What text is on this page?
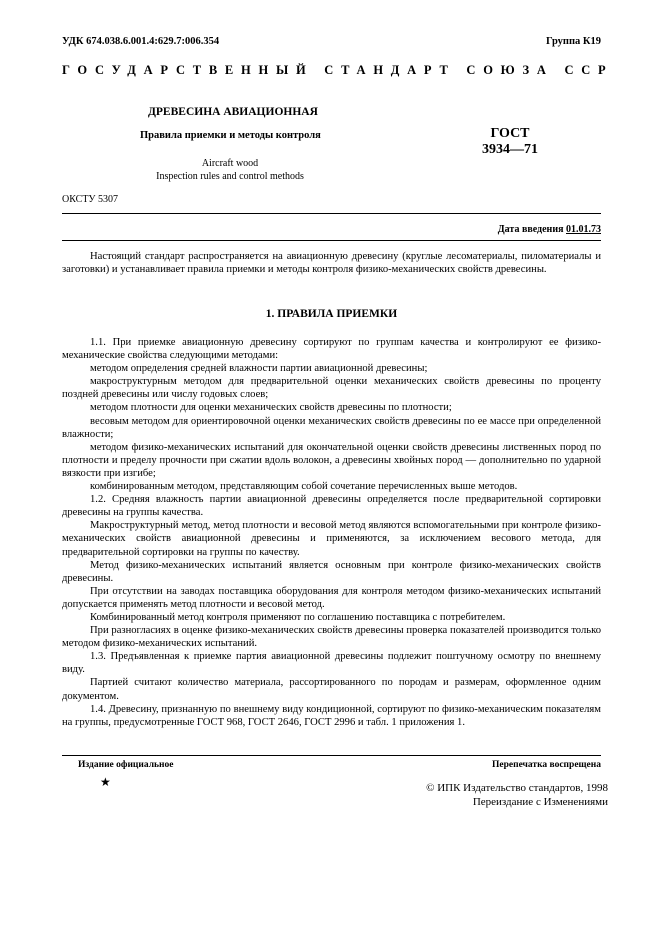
УДК 674.038.6.001.4:629.7:006.354	Группа К19
ГОСУДАРСТВЕННЫЙ СТАНДАРТ СОЮЗА ССР
ДРЕВЕСИНА АВИАЦИОННАЯ
Правила приемки и методы контроля	ГОСТ
3934—71
Aircraft wood
Inspection rules and control methods
ОКСТУ 5307
Дата введения 01.01.73

Настоящий стандарт распространяется на авиационную древесину (круглые лесоматериалы, пиломатериалы и заготовки) и устанавливает правила приемки и методы контроля физико-механических свойств древесины.

1. ПРАВИЛА ПРИЕМКИ

1.1. При приемке авиационную древесину сортируют по группам качества и контролируют ее физико-механические свойства следующими методами:

методом определения средней влажности партии авиационной древесины;

макроструктурным методом для предварительной оценки механических свойств древесины по проценту поздней древесины или числу годовых слоев;

методом плотности для оценки механических свойств древесины по плотности;

весовым методом для ориентировочной оценки механических свойств древесины по ее массе при определенной влажности;

методом физико-механических испытаний для окончательной оценки свойств древесины лиственных пород по плотности и пределу прочности при сжатии вдоль волокон, а древесины хвойных пород — дополнительно по ударной вязкости при изгибе;

комбинированным методом, представляющим собой сочетание перечисленных выше методов.

1.2. Средняя влажность партии авиационной древесины определяется после предварительной сортировки древесины на группы качества.

Макроструктурный метод, метод плотности и весовой метод являются вспомогательными при контроле физико-механических свойств авиационной древесины и применяются, за исключением весового метода, для предварительной сортировки на группы по качеству.

Метод физико-механических испытаний является основным при контроле физико-механических свойств древесины.

При отсутствии на заводах поставщика оборудования для контроля методом физико-механических испытаний допускается применять метод плотности и весовой метод.

Комбинированный метод контроля применяют по соглашению поставщика с потребителем.

При разногласиях в оценке физико-механических свойств древесины проверка показателей производится только методом физико-механических испытаний.

1.3. Предъявленная к приемке партия авиационной древесины подлежит поштучному осмотру по внешнему виду.

Партией считают количество материала, рассортированного по породам и размерам, оформленное одним документом.

1.4. Древесину, признанную по внешнему виду кондиционной, сортируют по физико-механическим показателям на группы, предусмотренные ГОСТ 968, ГОСТ 2646, ГОСТ 2996 и табл. 1 приложения 1.

Издание официальное	Перепечатка воспрещена
★	© ИПК Издательство стандартов, 1998
Переиздание с Изменениями
